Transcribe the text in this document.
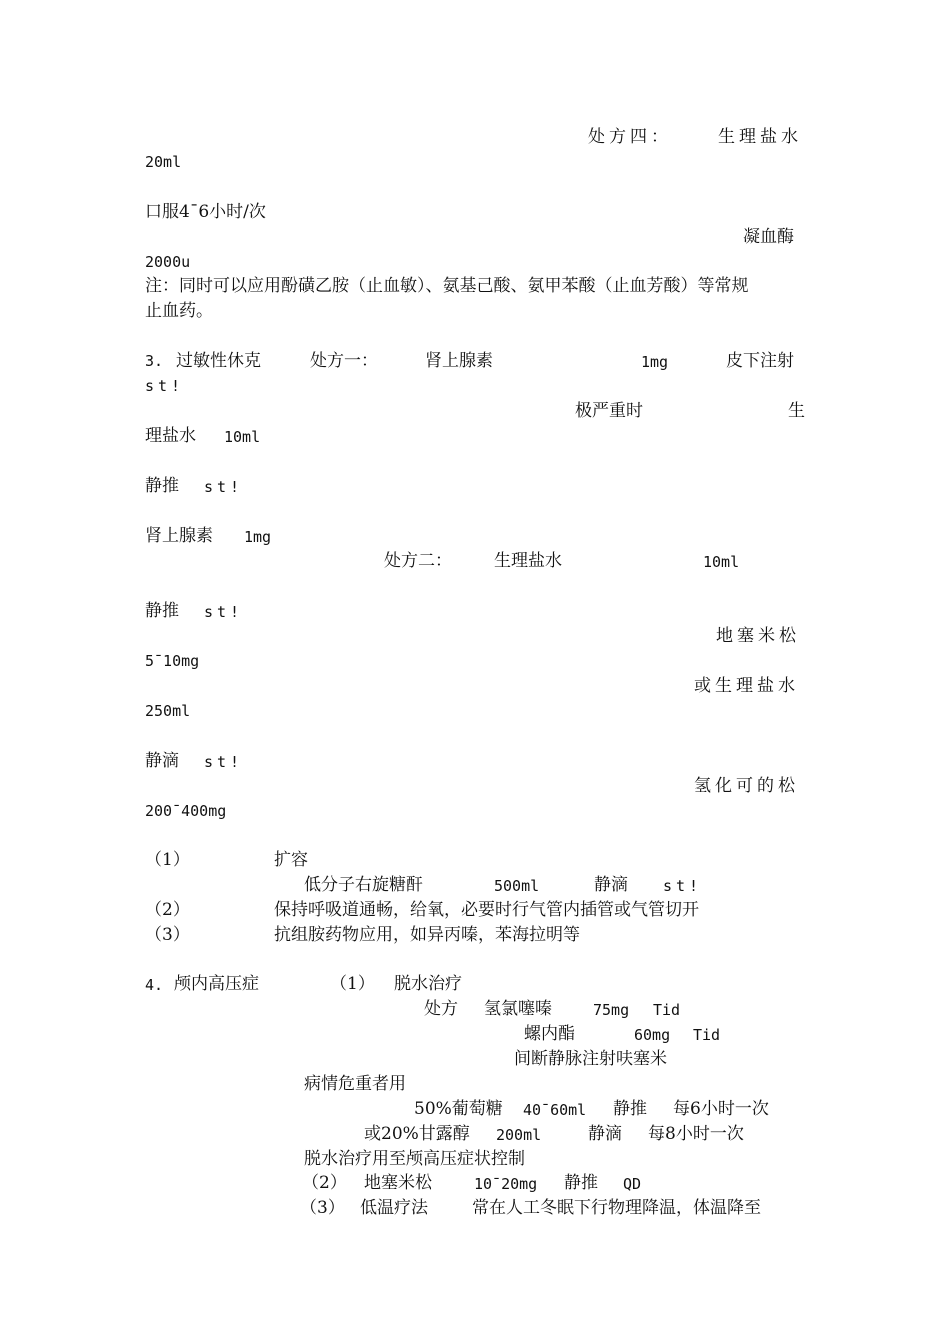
处方四：	生理盐水
20ml
口服4¯6小时/次
凝血酶
2000u
注：同时可以应用酚磺乙胺（止血敏）、氨基己酸、氨甲苯酸（止血芳酸）等常规
止血药。
3. 过敏性休克	处方一：	肾上腺素	1mg	皮下注射
st!
极严重时	生
理盐水 10ml
静推 st!
肾上腺素 1mg
处方二： 生理盐水	10ml
静推 st!
地塞米松
5¯10mg
或生理盐水
250ml
静滴 st!
氢化可的松
200¯400mg
（1）	扩容
低分子右旋糖酐	500ml	静滴 st!
（2）	保持呼吸道通畅，给氧，必要时行气管内插管或气管切开
（3）	抗组胺药物应用，如异丙嗪，苯海拉明等
4. 颅内高压症	（1） 脱水治疗
处方 氢氯噻嗪	75mg Tid
螺内酯	60mg Tid
间断静脉注射呋塞米
病情危重者用
50%葡萄糖 40¯60ml 静推 每6小时一次
或20%甘露醇 200ml	静滴 每8小时一次
脱水治疗用至颅高压症状控制
（2） 地塞米松	10¯20mg 静推 QD
（3） 低温疗法	常在人工冬眠下行物理降温，体温降至
